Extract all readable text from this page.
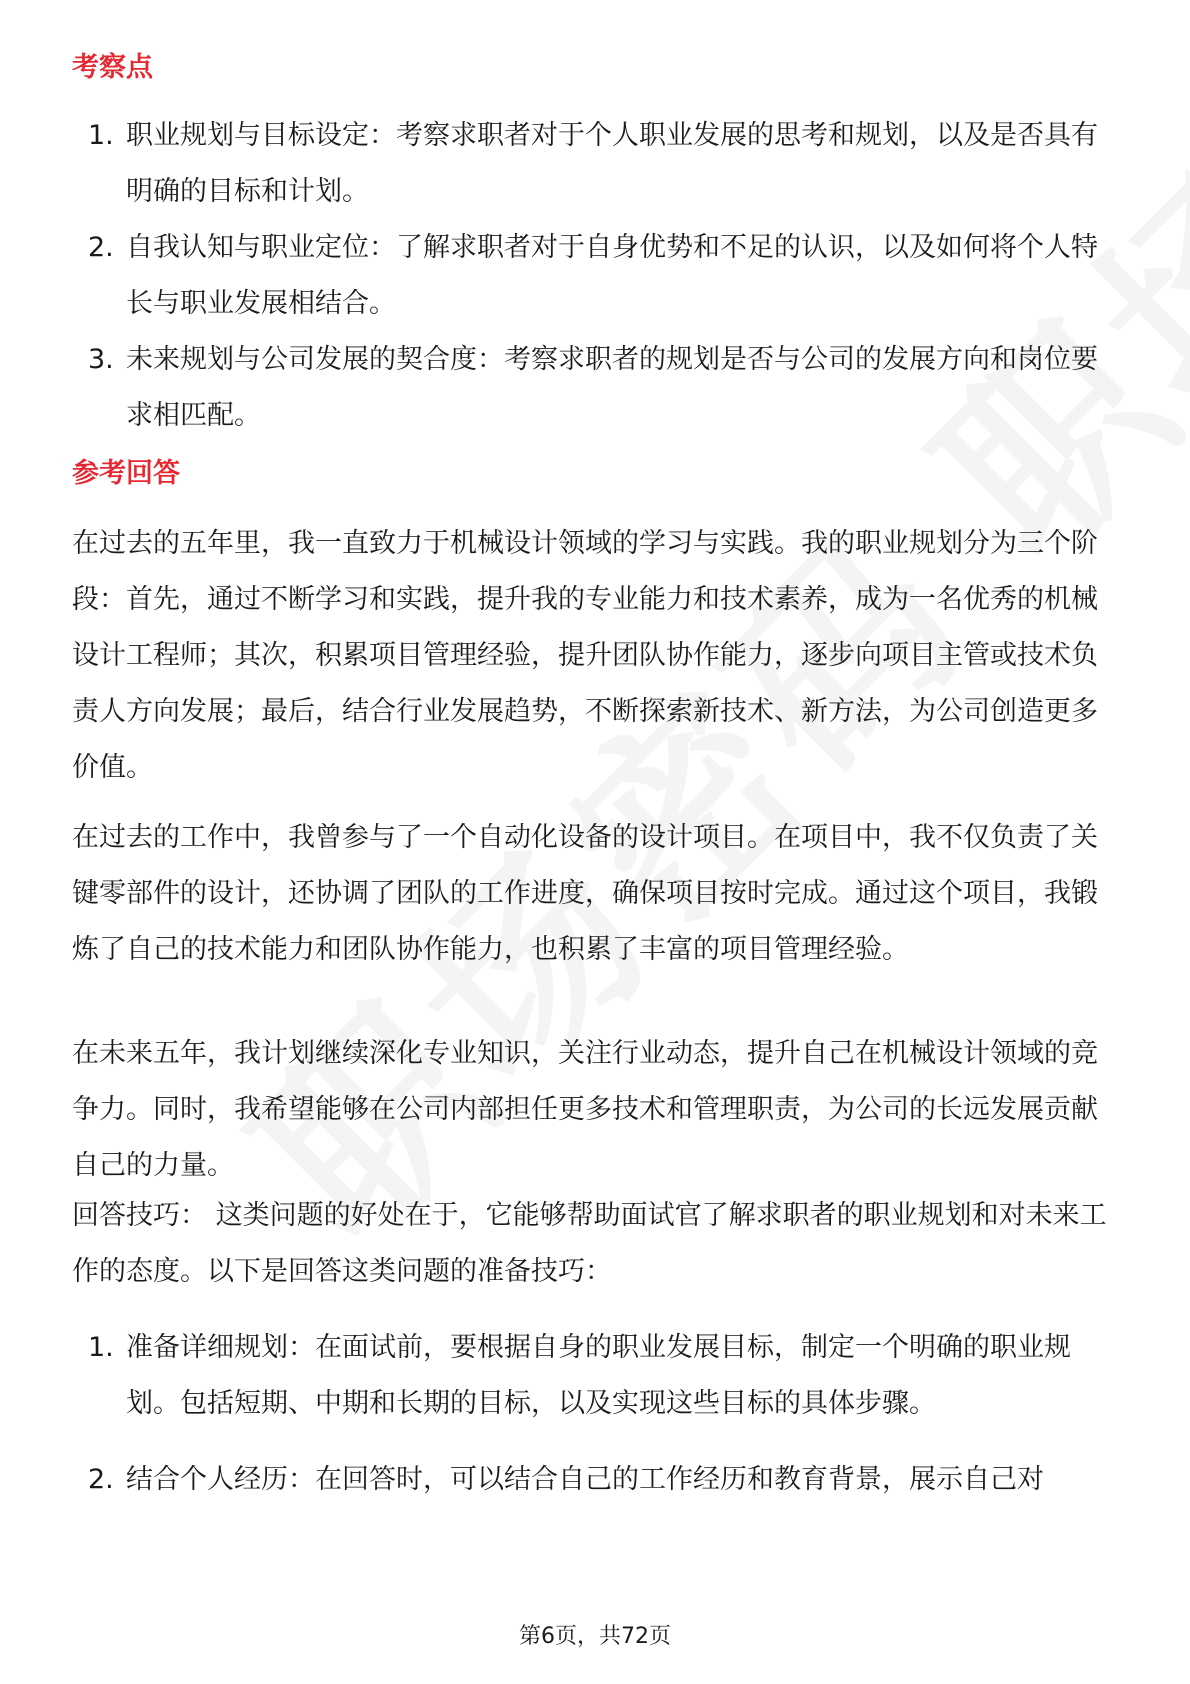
考察点
1. 职业规划与目标设定：考察求职者对于个人职业发展的思考和规划，以及是否具有明确的目标和计划。
2. 自我认知与职业定位：了解求职者对于自身优势和不足的认识，以及如何将个人特长与职业发展相结合。
3. 未来规划与公司发展的契合度：考察求职者的规划是否与公司的发展方向和岗位要求相匹配。
参考回答
在过去的五年里，我一直致力于机械设计领域的学习与实践。我的职业规划分为三个阶段：首先，通过不断学习和实践，提升我的专业能力和技术素养，成为一名优秀的机械设计工程师；其次，积累项目管理经验，提升团队协作能力，逐步向项目主管或技术负责人方向发展；最后，结合行业发展趋势，不断探索新技术、新方法，为公司创造更多价值。
在过去的工作中，我曾参与了一个自动化设备的设计项目。在项目中，我不仅负责了关键零部件的设计，还协调了团队的工作进度，确保项目按时完成。通过这个项目，我锻炼了自己的技术能力和团队协作能力，也积累了丰富的项目管理经验。
在未来五年，我计划继续深化专业知识，关注行业动态，提升自己在机械设计领域的竞争力。同时，我希望能够在公司内部担任更多技术和管理职责，为公司的长远发展贡献自己的力量。
回答技巧： 这类问题的好处在于，它能够帮助面试官了解求职者的职业规划和对未来工作的态度。以下是回答这类问题的准备技巧：
1. 准备详细规划：在面试前，要根据自身的职业发展目标，制定一个明确的职业规划。包括短期、中期和长期的目标，以及实现这些目标的具体步骤。
2. 结合个人经历：在回答时，可以结合自己的工作经历和教育背景，展示自己对
第6页，共72页
